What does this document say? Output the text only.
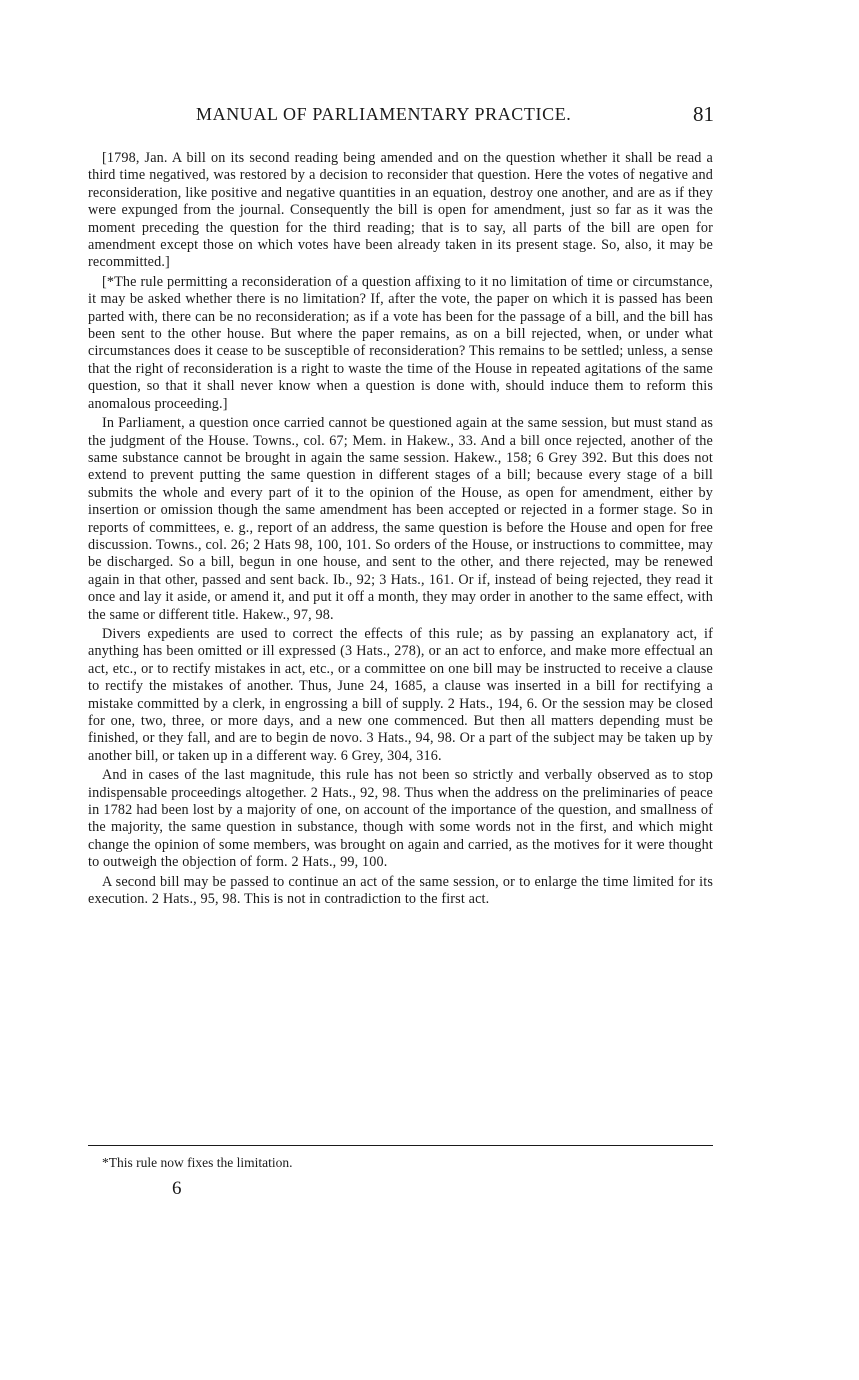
MANUAL OF PARLIAMENTARY PRACTICE.	81

[1798, Jan. A bill on its second reading being amended and on the question whether it shall be read a third time negatived, was restored by a decision to reconsider that question. Here the votes of negative and reconsideration, like positive and negative quantities in an equation, destroy one another, and are as if they were expunged from the journal. Consequently the bill is open for amendment, just so far as it was the moment preceding the question for the third reading; that is to say, all parts of the bill are open for amendment except those on which votes have been already taken in its present stage. So, also, it may be recommitted.]

[*The rule permitting a reconsideration of a question affixing to it no limitation of time or circumstance, it may be asked whether there is no limitation? If, after the vote, the paper on which it is passed has been parted with, there can be no reconsideration; as if a vote has been for the passage of a bill, and the bill has been sent to the other house. But where the paper remains, as on a bill rejected, when, or under what circumstances does it cease to be susceptible of reconsideration? This remains to be settled; unless, a sense that the right of reconsideration is a right to waste the time of the House in repeated agitations of the same question, so that it shall never know when a question is done with, should induce them to reform this anomalous proceeding.]

In Parliament, a question once carried cannot be questioned again at the same session, but must stand as the judgment of the House. Towns., col. 67; Mem. in Hakew., 33. And a bill once rejected, another of the same substance cannot be brought in again the same session. Hakew., 158; 6 Grey 392. But this does not extend to prevent putting the same question in different stages of a bill; because every stage of a bill submits the whole and every part of it to the opinion of the House, as open for amendment, either by insertion or omission though the same amendment has been accepted or rejected in a former stage. So in reports of committees, e. g., report of an address, the same question is before the House and open for free discussion. Towns., col. 26; 2 Hats 98, 100, 101. So orders of the House, or instructions to committee, may be discharged. So a bill, begun in one house, and sent to the other, and there rejected, may be renewed again in that other, passed and sent back. Ib., 92; 3 Hats., 161. Or if, instead of being rejected, they read it once and lay it aside, or amend it, and put it off a month, they may order in another to the same effect, with the same or different title. Hakew., 97, 98.

Divers expedients are used to correct the effects of this rule; as by passing an explanatory act, if anything has been omitted or ill expressed (3 Hats., 278), or an act to enforce, and make more effectual an act, etc., or to rectify mistakes in act, etc., or a committee on one bill may be instructed to receive a clause to rectify the mistakes of another. Thus, June 24, 1685, a clause was inserted in a bill for rectifying a mistake committed by a clerk, in engrossing a bill of supply. 2 Hats., 194, 6. Or the session may be closed for one, two, three, or more days, and a new one commenced. But then all matters depending must be finished, or they fall, and are to begin de novo. 3 Hats., 94, 98. Or a part of the subject may be taken up by another bill, or taken up in a different way. 6 Grey, 304, 316.

And in cases of the last magnitude, this rule has not been so strictly and verbally observed as to stop indispensable proceedings altogether. 2 Hats., 92, 98. Thus when the address on the preliminaries of peace in 1782 had been lost by a majority of one, on account of the importance of the question, and smallness of the majority, the same question in substance, though with some words not in the first, and which might change the opinion of some members, was brought on again and carried, as the motives for it were thought to outweigh the objection of form. 2 Hats., 99, 100.

A second bill may be passed to continue an act of the same session, or to enlarge the time limited for its execution. 2 Hats., 95, 98. This is not in contradiction to the first act.

*This rule now fixes the limitation.
6
